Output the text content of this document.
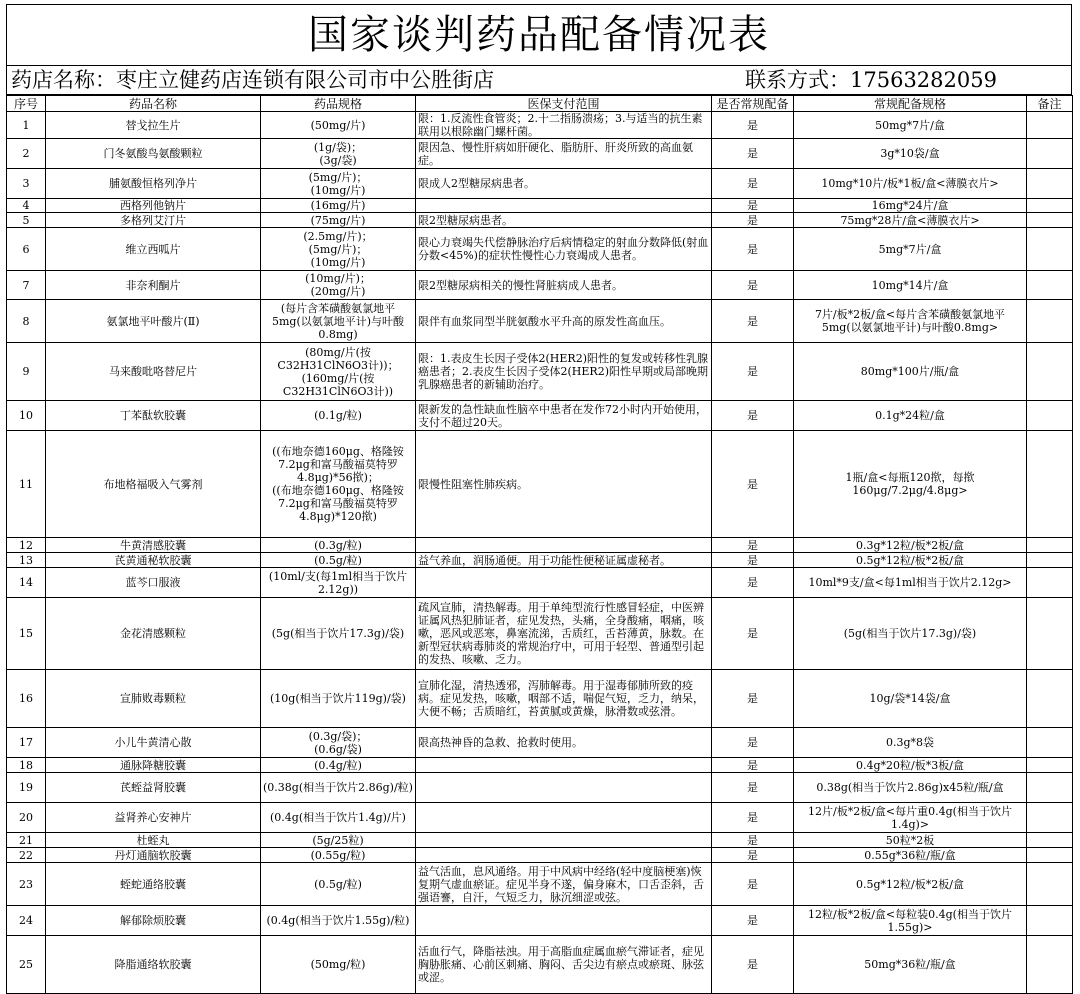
国家谈判药品配备情况表
药店名称：枣庄立健药店连锁有限公司市中公胜街店	联系方式：17563282059
序号	药品名称	药品规格	医保支付范围	是否常规配备	常规配备规格	备注
1	替戈拉生片	(50mg/片)	限：1.反流性食管炎；2.十二指肠溃疡；3.与适当的抗生素联用以根除幽门螺杆菌。	是	50mg*7片/盒	
2	门冬氨酸鸟氨酸颗粒	(1g/袋)；
(3g/袋)	限因急、慢性肝病如肝硬化、脂肪肝、肝炎所致的高血氨症。	是	3g*10袋/盒	
3	脯氨酸恒格列净片	(5mg/片)；
(10mg/片)	限成人2型糖尿病患者。	是	10mg*10片/板*1板/盒<薄膜衣片>	
4	西格列他钠片	(16mg/片)		是	16mg*24片/盒	
5	多格列艾汀片	(75mg/片)	限2型糖尿病患者。	是	75mg*28片/盒<薄膜衣片>	
6	维立西呱片	(2.5mg/片)；
(5mg/片)；
(10mg/片)	限心力衰竭失代偿静脉治疗后病情稳定的射血分数降低(射血分数<45%)的症状性慢性心力衰竭成人患者。	是	5mg*7片/盒	
7	非奈利酮片	(10mg/片)；
(20mg/片)	限2型糖尿病相关的慢性肾脏病成人患者。	是	10mg*14片/盒	
8	氨氯地平叶酸片(Ⅱ)	(每片含苯磺酸氨氯地平5mg(以氨氯地平计)与叶酸0.8mg)	限伴有血浆同型半胱氨酸水平升高的原发性高血压。	是	7片/板*2板/盒<每片含苯磺酸氨氯地平5mg(以氨氯地平计)与叶酸0.8mg>	
9	马来酸吡咯替尼片	(80mg/片(按C32H31ClN6O3计))；
(160mg/片(按C32H31ClN6O3计))	限：1.表皮生长因子受体2(HER2)阳性的复发或转移性乳腺癌患者；2.表皮生长因子受体2(HER2)阳性早期或局部晚期乳腺癌患者的新辅助治疗。	是	80mg*100片/瓶/盒	
10	丁苯酞软胶囊	(0.1g/粒)	限新发的急性缺血性脑卒中患者在发作72小时内开始使用，支付不超过20天。	是	0.1g*24粒/盒	
11	布地格福吸入气雾剂	((布地奈德160μg、格隆铵7.2μg和富马酸福莫特罗4.8μg)*56揿)；
((布地奈德160μg、格隆铵7.2μg和富马酸福莫特罗4.8μg)*120揿)	限慢性阻塞性肺疾病。	是	1瓶/盒<每瓶120揿，每揿160μg/7.2μg/4.8μg>	
12	牛黄清感胶囊	(0.3g/粒)		是	0.3g*12粒/板*2板/盒	
13	芪黄通秘软胶囊	(0.5g/粒)	益气养血，润肠通便。用于功能性便秘证属虚秘者。	是	0.5g*12粒/板*2板/盒	
14	蓝芩口服液	(10ml/支(每1ml相当于饮片2.12g))		是	10ml*9支/盒<每1ml相当于饮片2.12g>	
15	金花清感颗粒	(5g(相当于饮片17.3g)/袋)	疏风宣肺，清热解毒。用于单纯型流行性感冒轻症，中医辨证属风热犯肺证者，症见发热，头痛，全身酸痛，咽痛，咳嗽，恶风或恶寒，鼻塞流涕，舌质红，舌苔薄黄，脉数。在新型冠状病毒肺炎的常规治疗中，可用于轻型、普通型引起的发热、咳嗽、乏力。	是	(5g(相当于饮片17.3g)/袋)	
16	宣肺败毒颗粒	(10g(相当于饮片119g)/袋)	宣肺化湿，清热透邪，泻肺解毒。用于湿毒郁肺所致的疫病。症见发热，咳嗽，咽部不适，喘促气短，乏力，纳呆，大便不畅；舌质暗红，苔黄腻或黄燥，脉滑数或弦滑。	是	10g/袋*14袋/盒	
17	小儿牛黄清心散	(0.3g/袋)；
(0.6g/袋)	限高热神昏的急救、抢救时使用。	是	0.3g*8袋	
18	通脉降糖胶囊	(0.4g/粒)		是	0.4g*20粒/板*3板/盒	
19	芪蛭益肾胶囊	(0.38g(相当于饮片2.86g)/粒)		是	0.38g(相当于饮片2.86g)x45粒/瓶/盒	
20	益肾养心安神片	(0.4g(相当于饮片1.4g)/片)		是	12片/板*2板/盒<每片重0.4g(相当于饮片1.4g)>	
21	杜蛭丸	(5g/25粒)		是	50粒*2板	
22	丹灯通脑软胶囊	(0.55g/粒)		是	0.55g*36粒/瓶/盒	
23	蛭蛇通络胶囊	(0.5g/粒)	益气活血，息风通络。用于中风病中经络(轻中度脑梗塞)恢复期气虚血瘀证。症见半身不遂，偏身麻木，口舌歪斜，舌强语謇，自汗，气短乏力，脉沉细涩或弦。	是	0.5g*12粒/板*2板/盒	
24	解郁除烦胶囊	(0.4g(相当于饮片1.55g)/粒)		是	12粒/板*2板/盒<每粒装0.4g(相当于饮片1.55g)>	
25	降脂通络软胶囊	(50mg/粒)	活血行气，降脂祛浊。用于高脂血症属血瘀气滞证者，症见胸胁胀痛、心前区刺痛、胸闷、舌尖边有瘀点或瘀斑、脉弦或涩。	是	50mg*36粒/瓶/盒	
